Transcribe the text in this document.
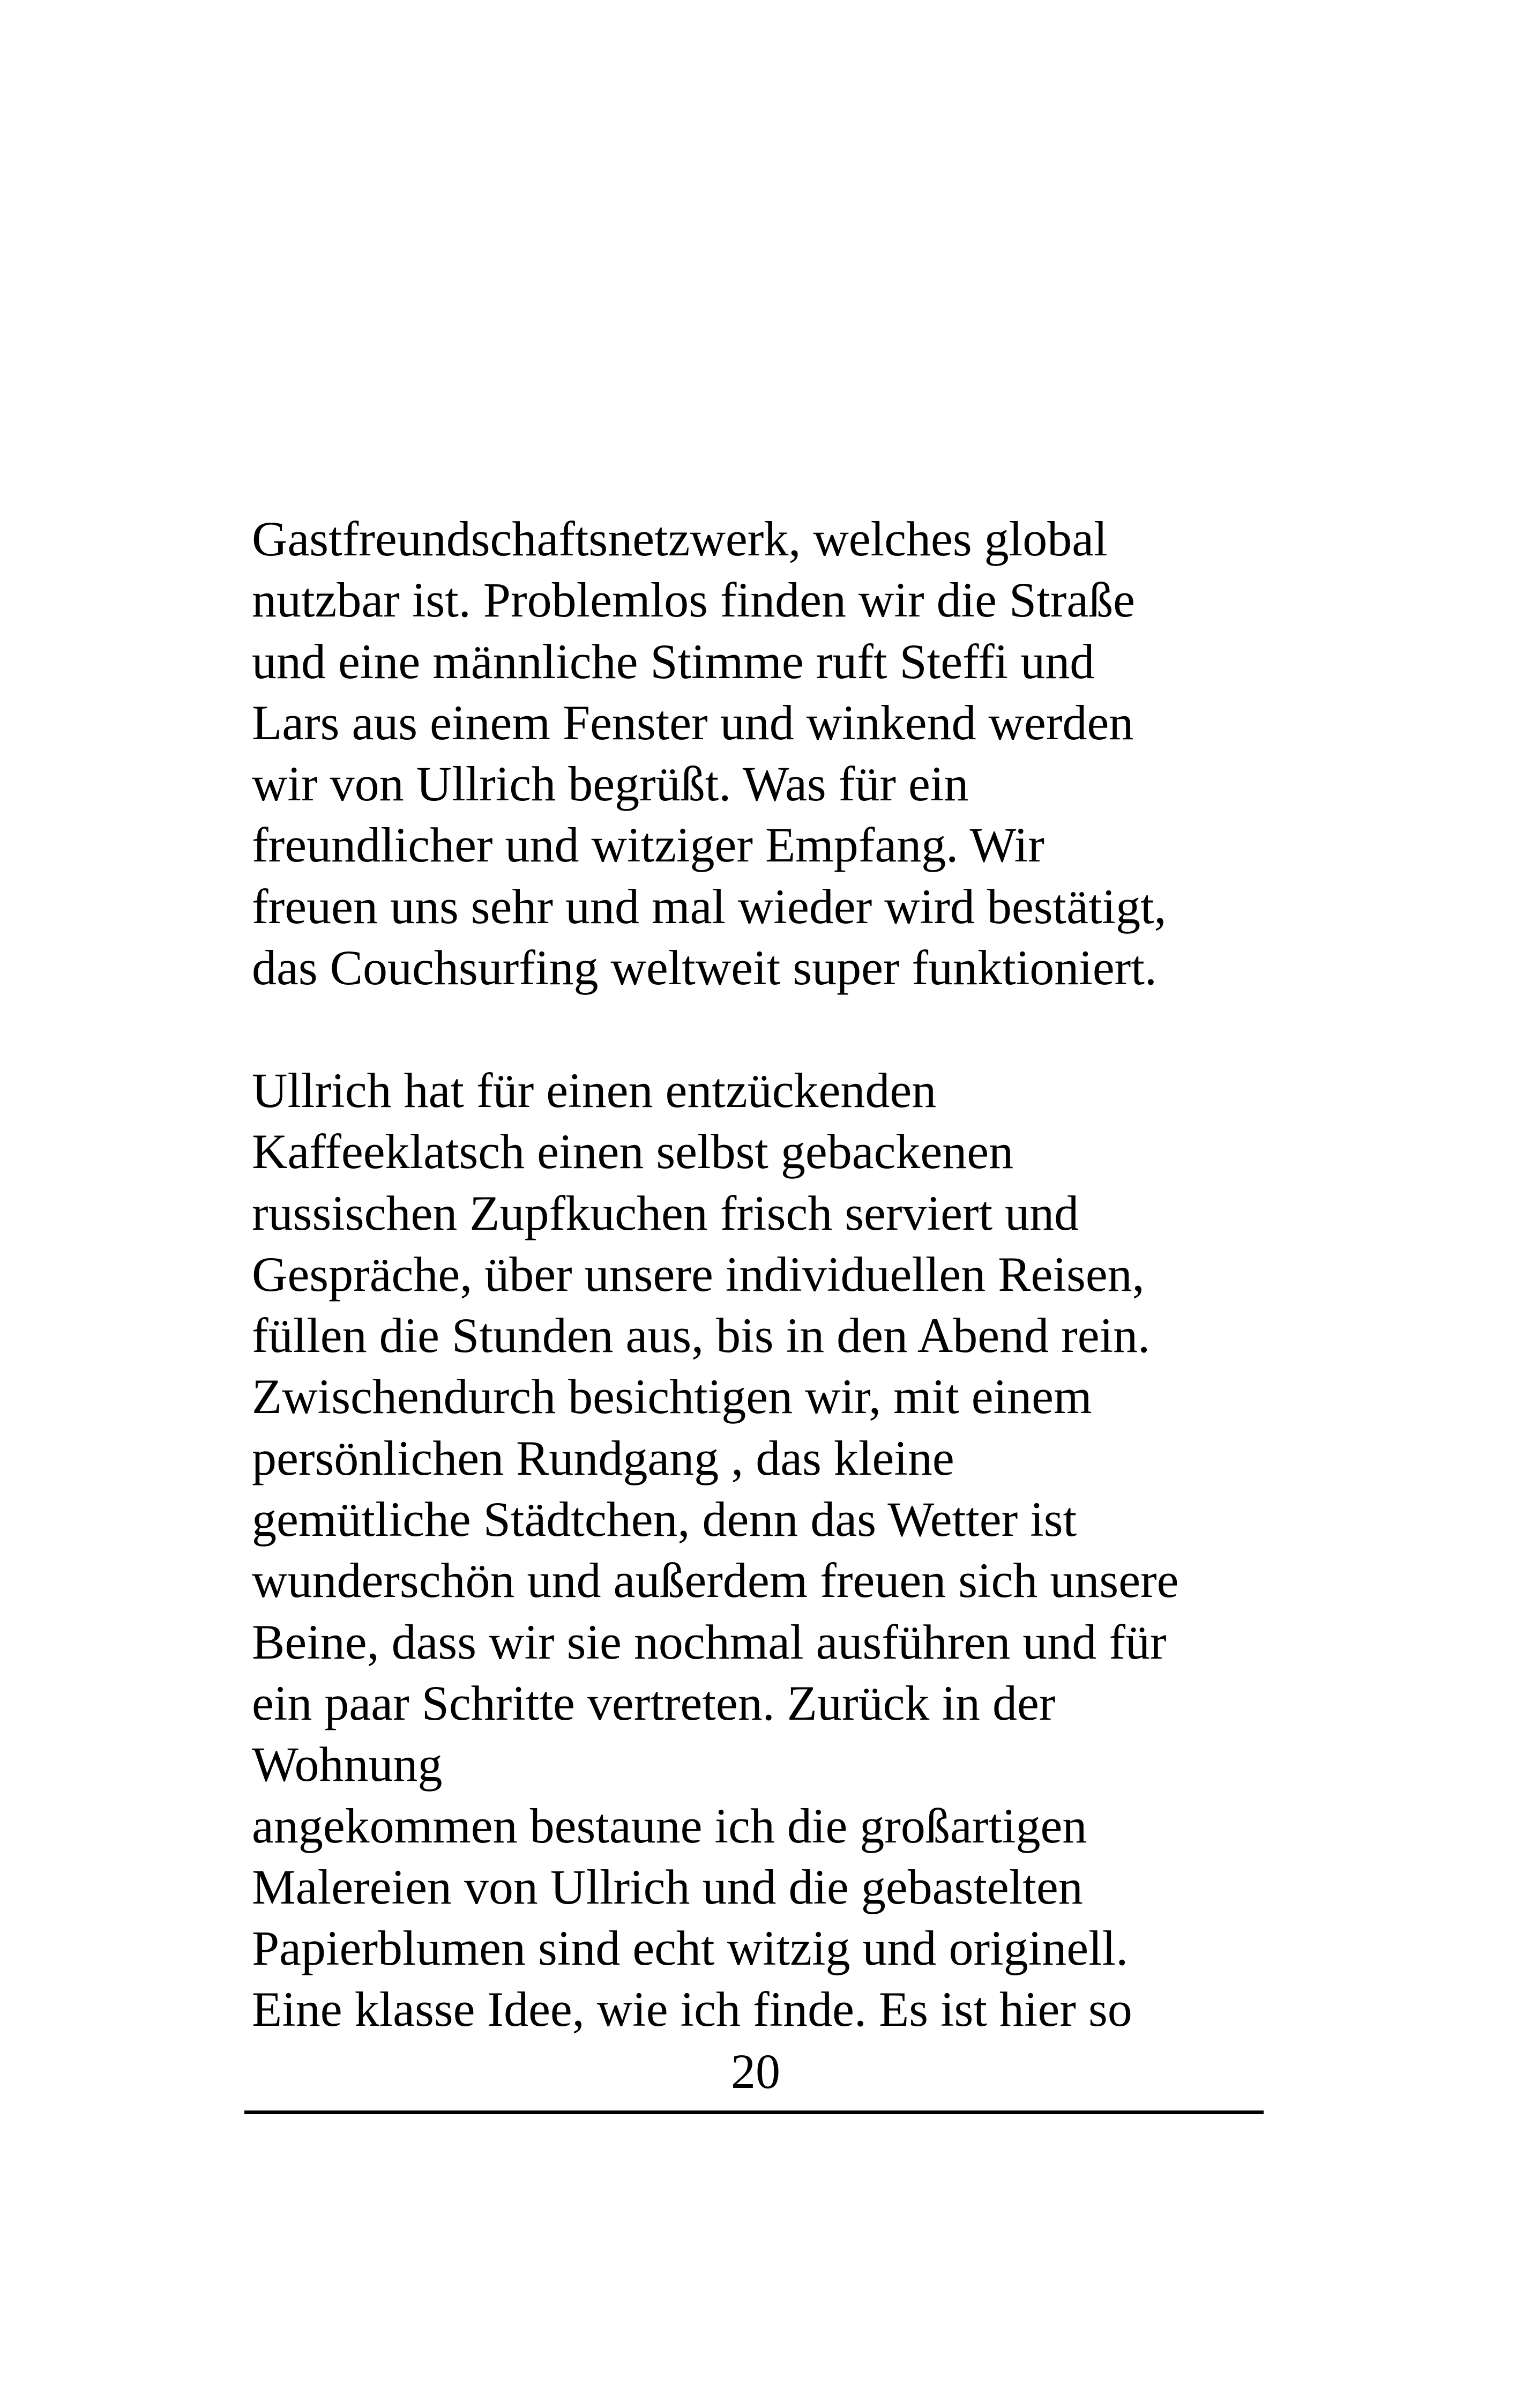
Gastfreundschaftsnetzwerk, welches global
nutzbar ist. Problemlos finden wir die Straße
und eine männliche Stimme ruft Steffi und
Lars aus einem Fenster und winkend werden
wir von Ullrich begrüßt. Was für ein
freundlicher und witziger Empfang. Wir
freuen uns sehr und mal wieder wird bestätigt,
das Couchsurfing weltweit super funktioniert.
Ullrich hat für einen entzückenden
Kaffeeklatsch einen selbst gebackenen
russischen Zupfkuchen frisch serviert und
Gespräche, über unsere individuellen Reisen,
füllen die Stunden aus, bis in den Abend rein.
Zwischendurch besichtigen wir, mit einem
persönlichen Rundgang , das kleine
gemütliche Städtchen, denn das Wetter ist
wunderschön und außerdem freuen sich unsere
Beine, dass wir sie nochmal ausführen und für
ein paar Schritte vertreten. Zurück in der
Wohnung
angekommen bestaune ich die großartigen
Malereien von Ullrich und die gebastelten
Papierblumen sind echt witzig und originell.
Eine klasse Idee, wie ich finde. Es ist hier so
20
